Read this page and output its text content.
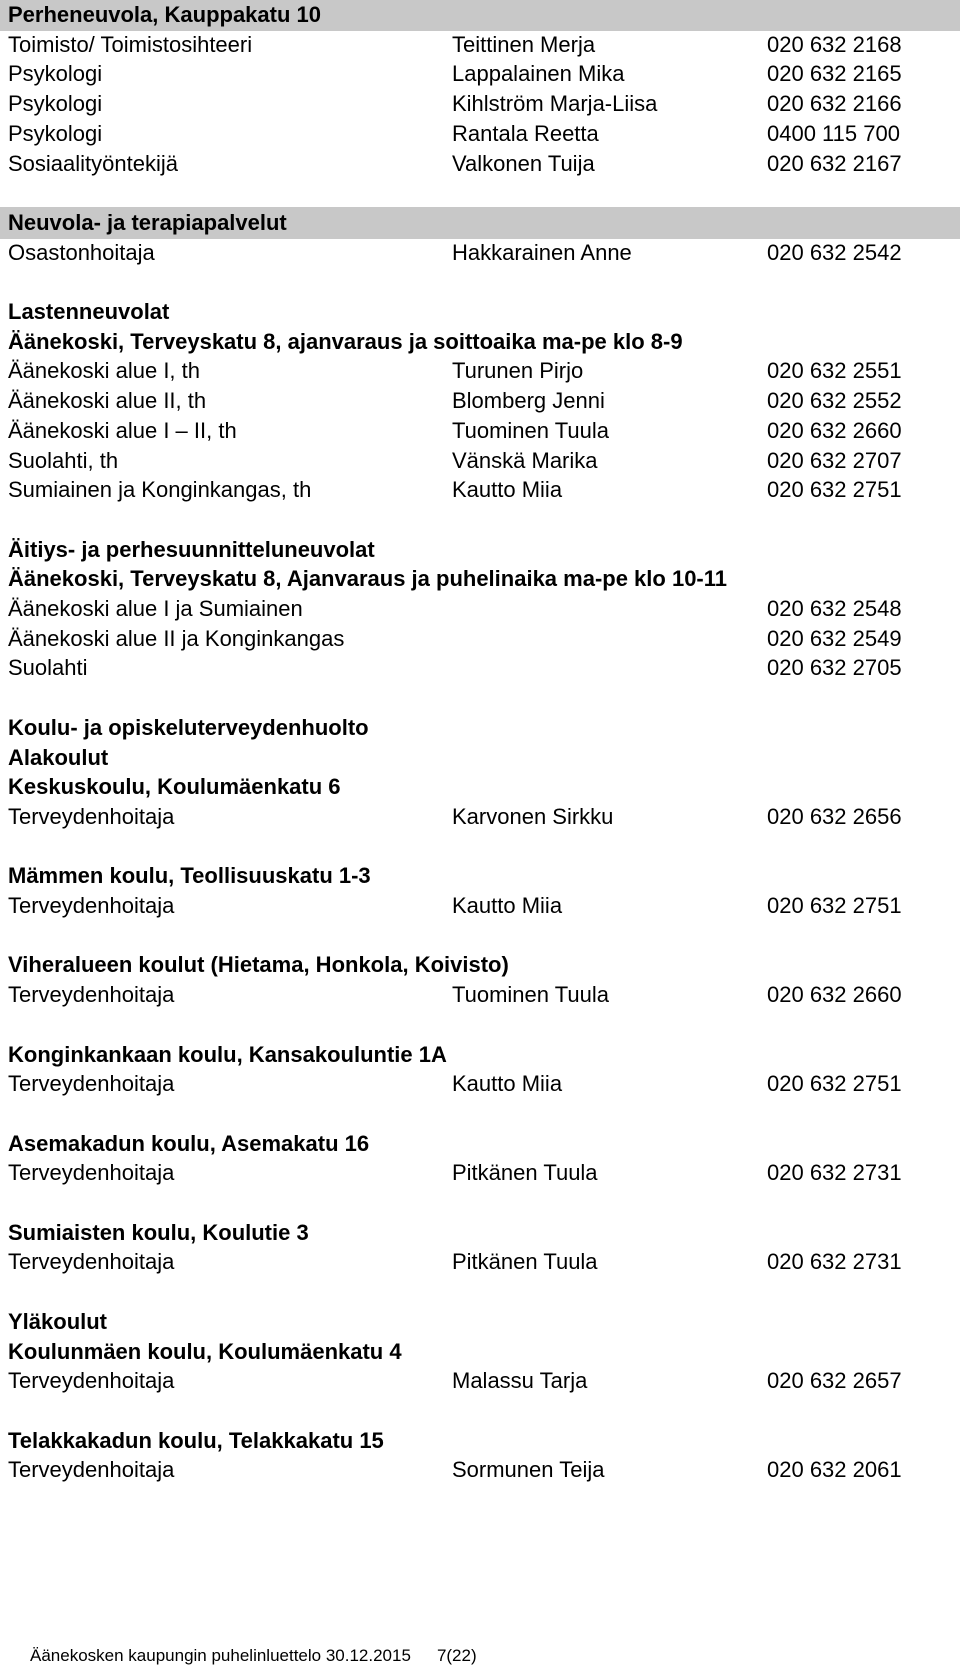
Perheneuvola, Kauppakatu 10
Toimisto/ Toimistosihteeri	Teittinen Merja	020 632 2168
Psykologi	Lappalainen Mika	020 632 2165
Psykologi	Kihlström Marja-Liisa	020 632 2166
Psykologi	Rantala Reetta	0400 115 700
Sosiaalityöntekijä	Valkonen Tuija	020 632 2167
Neuvola- ja terapiapalvelut
Osastonhoitaja	Hakkarainen Anne	020 632 2542
Lastenneuvolat
Äänekoski, Terveyskatu 8, ajanvaraus ja soittoaika ma-pe klo 8-9
Äänekoski alue I, th	Turunen Pirjo	020 632 2551
Äänekoski alue II, th	Blomberg Jenni	020 632 2552
Äänekoski alue I – II, th	Tuominen Tuula	020 632 2660
Suolahti, th	Vänskä Marika	020 632 2707
Sumiainen ja Konginkangas, th	Kautto Miia	020 632 2751
Äitiys- ja perhesuunnitteluneuvolat
Äänekoski, Terveyskatu 8, Ajanvaraus ja puhelinaika ma-pe klo 10-11
Äänekoski alue I ja Sumiainen	020 632 2548
Äänekoski alue II ja Konginkangas	020 632 2549
Suolahti	020 632 2705
Koulu- ja opiskeluterveydenhuolto
Alakoulut
Keskuskoulu, Koulumäenkatu 6
Terveydenhoitaja	Karvonen Sirkku	020 632 2656
Mämmen koulu, Teollisuuskatu 1-3
Terveydenhoitaja	Kautto Miia	020 632 2751
Viheralueen koulut (Hietama, Honkola, Koivisto)
Terveydenhoitaja	Tuominen Tuula	020 632 2660
Konginkankaan koulu, Kansakouluntie 1A
Terveydenhoitaja	Kautto Miia	020 632 2751
Asemakadun koulu, Asemakatu 16
Terveydenhoitaja	Pitkänen Tuula	020 632 2731
Sumiaisten koulu, Koulutie 3
Terveydenhoitaja	Pitkänen Tuula	020 632 2731
Yläkoulut
Koulunmäen koulu, Koulumäenkatu 4
Terveydenhoitaja	Malassu Tarja	020 632 2657
Telakkakadun koulu, Telakkakatu 15
Terveydenhoitaja	Sormunen Teija	020 632 2061
Äänekosken kaupungin puhelinluettelo 30.12.2015 7(22)
